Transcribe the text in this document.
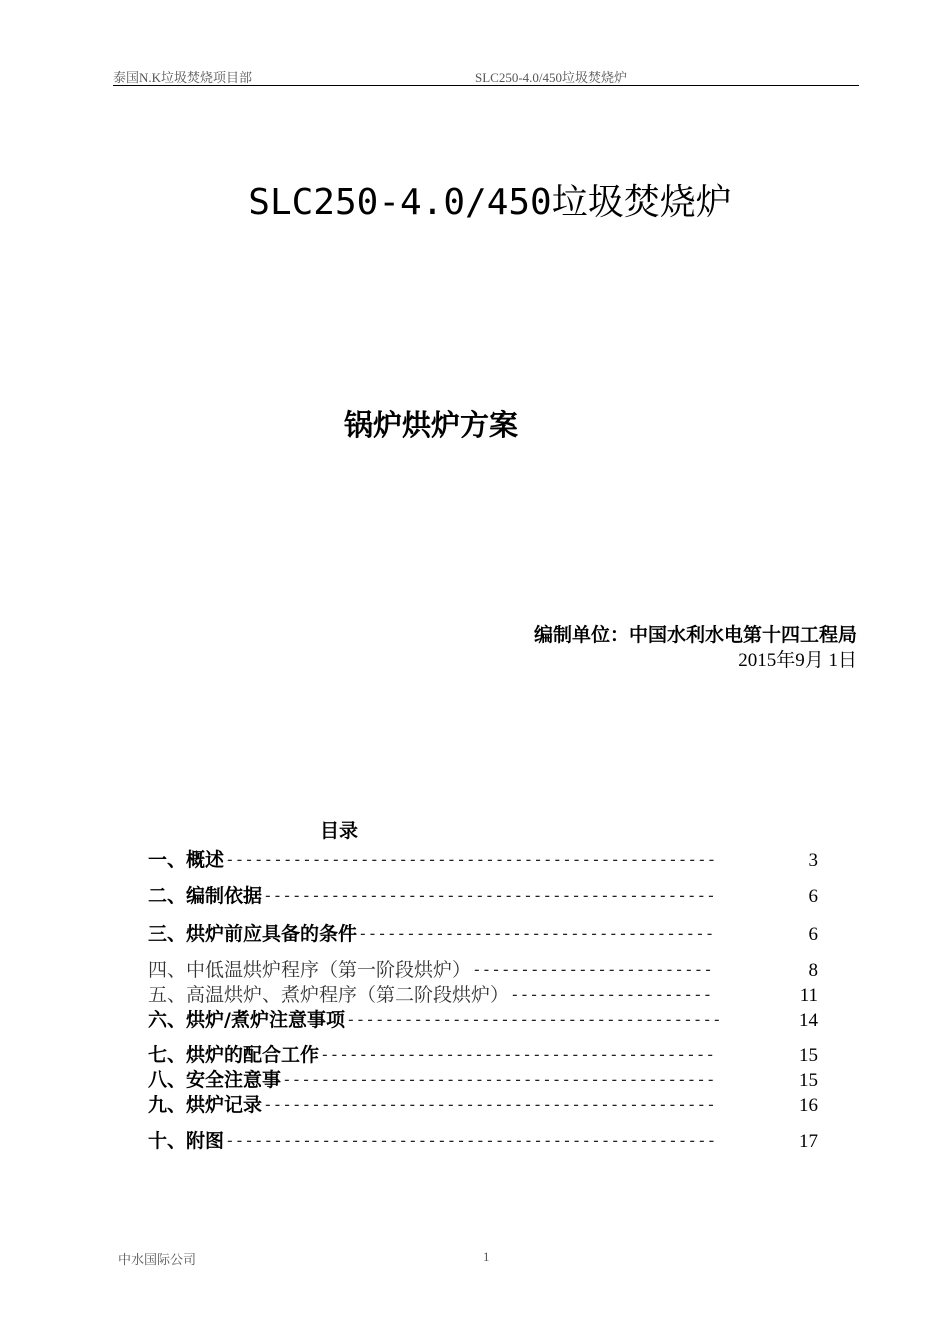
泰国N.K垃圾焚烧项目部	SLC250-4.0/450垃圾焚烧炉
SLC250-4.0/450垃圾焚烧炉
锅炉烘炉方案
编制单位：中国水利水电第十四工程局
2015年9月 1日
目录
一、概述 ---------------------------------------------------	3
二、编制依据 -----------------------------------------------	6
三、烘炉前应具备的条件 -------------------------------------	6
四、中低温烘炉程序（第一阶段烘炉） -------------------------	8
五、高温烘炉、煮炉程序（第二阶段烘炉） ---------------------	11
六、烘炉/煮炉注意事项 ---------------------------------------	14
七、烘炉的配合工作 -----------------------------------------	15
八、安全注意事 ---------------------------------------------	15
九、烘炉记录 -----------------------------------------------	16
十、附图 ---------------------------------------------------	17
中水国际公司	1
